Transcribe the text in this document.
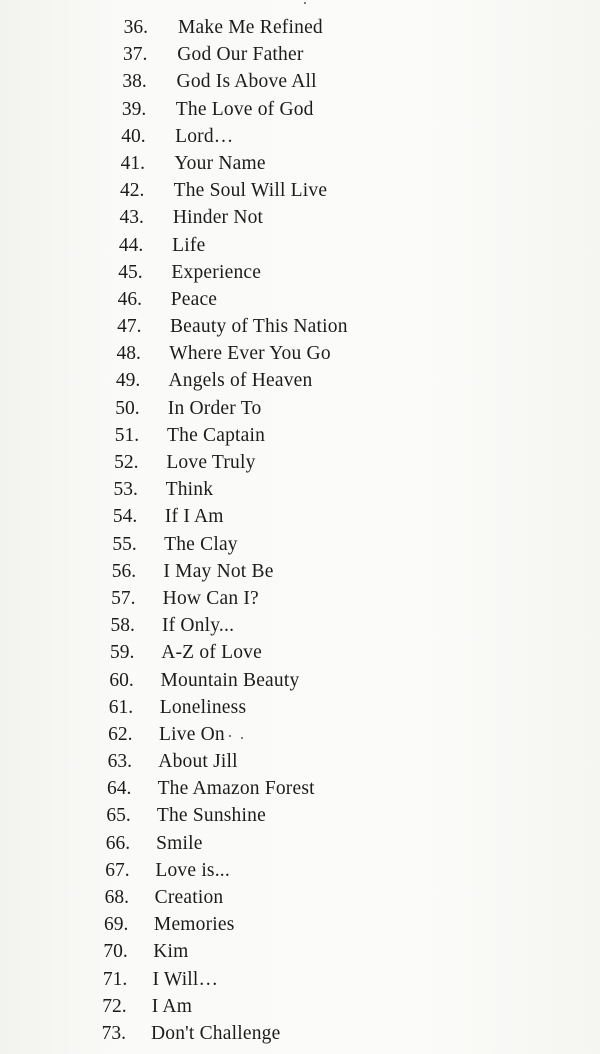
36. Make Me Refined
37. God Our Father
38. God Is Above All
39. The Love of God
40. Lord…
41. Your Name
42. The Soul Will Live
43. Hinder Not
44. Life
45. Experience
46. Peace
47. Beauty of This Nation
48. Where Ever You Go
49. Angels of Heaven
50. In Order To
51. The Captain
52. Love Truly
53. Think
54. If I Am
55. The Clay
56. I May Not Be
57. How Can I?
58. If Only...
59. A-Z of Love
60. Mountain Beauty
61. Loneliness
62. Live On
63. About Jill
64. The Amazon Forest
65. The Sunshine
66. Smile
67. Love is...
68. Creation
69. Memories
70. Kim
71. I Will…
72. I Am
73. Don't Challenge
